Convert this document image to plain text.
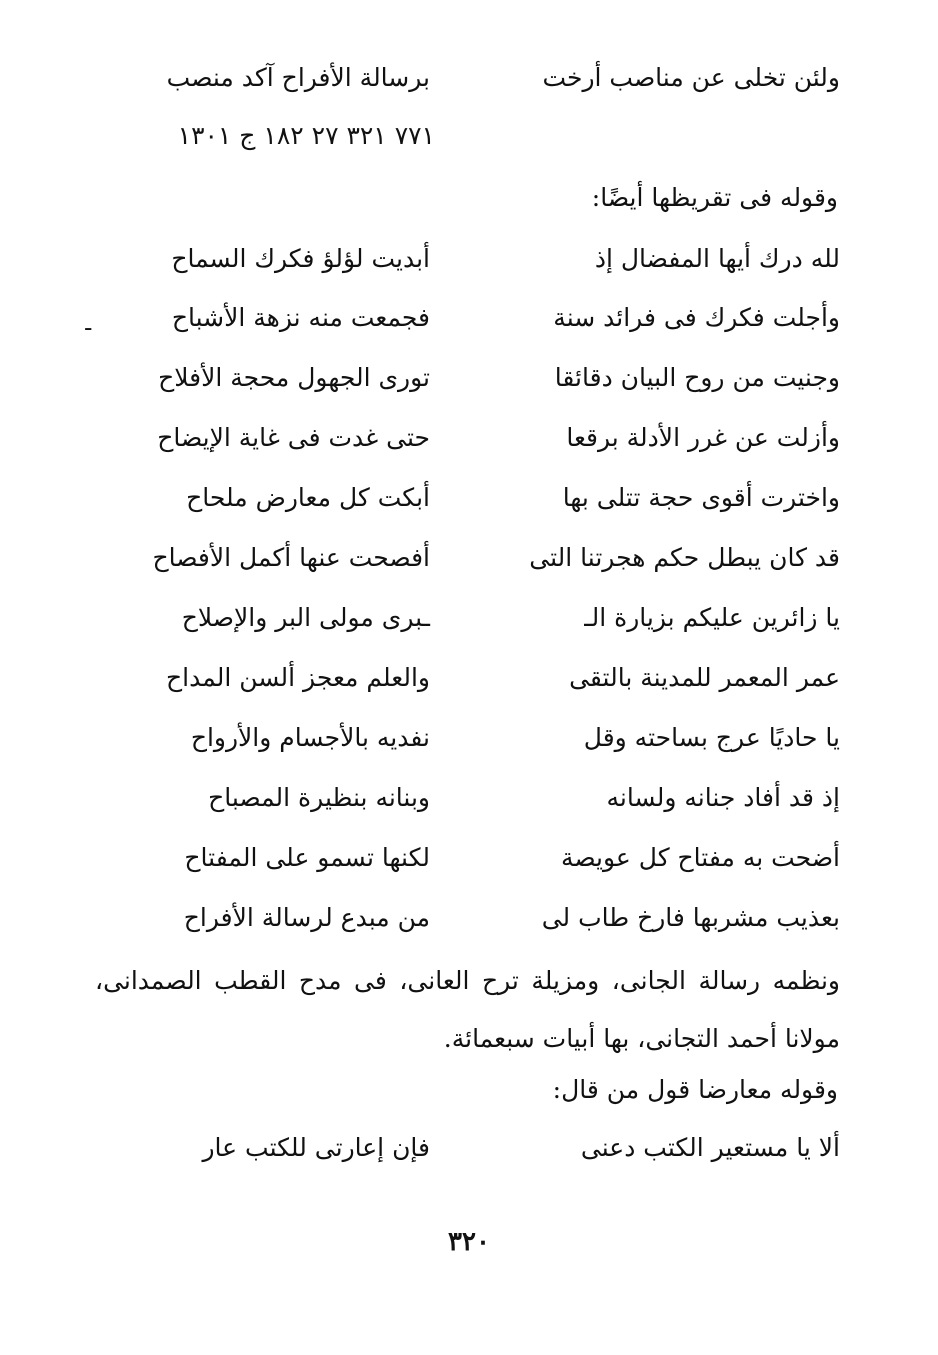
ولئن تخلى عن مناصب أرخت
برسالة الأفراح آكد منصب
٧٧١ ٣٢١ ٢٧ ١٨٢ ج ١٣٠١
وقوله فى تقريظها أيضًا:
لله درك أيها المفضال إذ
أبديت لؤلؤ فكرك السماح
وأجلت فكرك فى فرائد سنة
فجمعت منه نزهة الأشباح
وجنيت من روح البيان دقائقا
تورى الجهول محجة الأفلاح
وأزلت عن غرر الأدلة برقعا
حتى غدت فى غاية الإيضاح
واخترت أقوى حجة تتلى بها
أبكت كل معارض ملحاح
قد كان يبطل حكم هجرتنا التى
أفصحت عنها أكمل الأفصاح
يا زائرين عليكم بزيارة الـ
ـبرى مولى البر والإصلاح
عمر المعمر للمدينة بالتقى
والعلم معجز ألسن المداح
يا حاديًا عرج بساحته وقل
نفديه بالأجسام والأرواح
إذ قد أفاد جنانه ولسانه
وبنانه بنظيرة المصباح
أضحت به مفتاح كل عويصة
لكنها تسمو على المفتاح
بعذيب مشربها فارخ طاب لى
من مبدع لرسالة الأفراح
-
ونظمه رسالة الجانى، ومزيلة ترح العانى، فى مدح القطب الصمدانى، مولانا أحمد التجانى، بها أبيات سبعمائة.
وقوله معارضا قول من قال:
ألا يا مستعير الكتب دعنى
فإن إعارتى للكتب عار
٣٢٠
